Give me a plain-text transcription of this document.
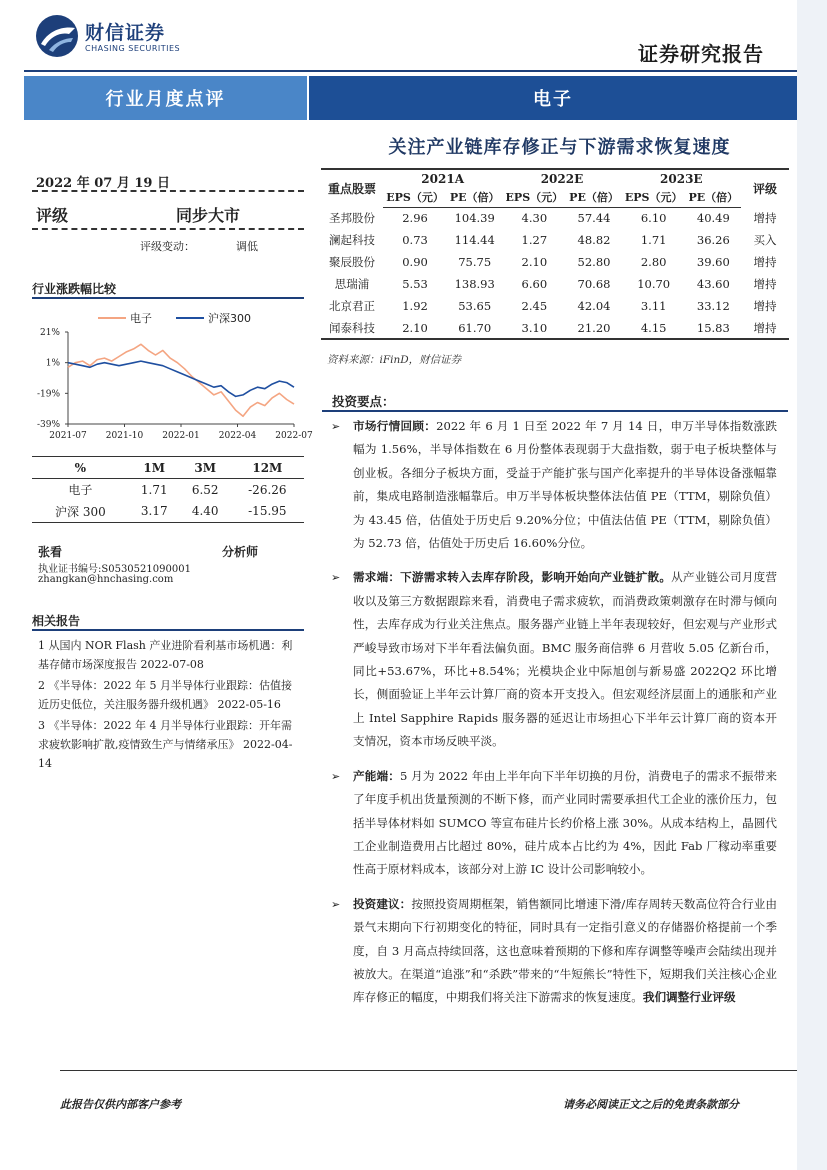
财信证券
CHASING SECURITIES	证券研究报告
行业月度点评	电子
关注产业链库存修正与下游需求恢复速度
2022 年 07 月 19 日
评级	同步大市
评级变动：	调低
行业涨跌幅比较
电子	沪深300
21%
1%
-19%
-39%
2021-07 2021-10 2022-01 2022-04 2022-07
%	1M	3M	12M
电子	1.71	6.52	-26.26
沪深 300	3.17	4.40	-15.95
张看	分析师
执业证书编号:S0530521090001
zhangkan@hnchasing.com
相关报告

1 从国内 NOR Flash 产业进阶看利基市场机遇：利基存储市场深度报告 2022-07-08

2 《半导体：2022 年 5 月半导体行业跟踪：估值接近历史低位，关注服务器升级机遇》 2022-05-16

3 《半导体：2022 年 4 月半导体行业跟踪：开年需求疲软影响扩散,疫情致生产与情绪承压》 2022-04-14

重点股票	2021A		2022E		2023E		评级
	EPS（元）	PE（倍）	EPS（元）	PE（倍）	EPS（元）	PE（倍）	
圣邦股份	2.96	104.39	4.30	57.44	6.10	40.49	增持
澜起科技	0.73	114.44	1.27	48.82	1.71	36.26	买入
聚辰股份	0.90	75.75	2.10	52.80	2.80	39.60	增持
思瑞浦	5.53	138.93	6.60	70.68	10.70	43.60	增持
北京君正	1.92	53.65	2.45	42.04	3.11	33.12	增持
闻泰科技	2.10	61.70	3.10	21.20	4.15	15.83	增持
资料来源：iFinD，财信证券
投资要点：
➢ 市场行情回顾：2022 年 6 月 1 日至 2022 年 7 月 14 日，申万半导体指数涨跌幅为 1.56%，半导体指数在 6 月份整体表现弱于大盘指数，弱于电子板块整体与创业板。各细分子板块方面，受益于产能扩张与国产化率提升的半导体设备涨幅靠前，集成电路制造涨幅靠后。申万半导体板块整体法估值 PE（TTM，剔除负值）为 43.45 倍，估值处于历史后 9.20%分位；中值法估值 PE（TTM，剔除负值）为 52.73 倍，估值处于历史后 16.60%分位。
➢ 需求端：下游需求转入去库存阶段，影响开始向产业链扩散。从产业链公司月度营收以及第三方数据跟踪来看，消费电子需求疲软，而消费政策刺激存在时滞与倾向性，去库存成为行业关注焦点。服务器产业链上半年表现较好，但宏观与产业形式严峻导致市场对下半年看法偏负面。BMC 服务商信骅 6 月营收 5.05 亿新台币，同比+53.67%，环比+8.54%；光模块企业中际旭创与新易盛 2022Q2 环比增长，侧面验证上半年云计算厂商的资本开支投入。但宏观经济层面上的通胀和产业上 Intel Sapphire Rapids 服务器的延迟让市场担心下半年云计算厂商的资本开支情况，资本市场反映平淡。
➢ 产能端：5 月为 2022 年由上半年向下半年切换的月份，消费电子的需求不振带来了年度手机出货量预测的不断下修，而产业同时需要承担代工企业的涨价压力，包括半导体材料如 SUMCO 等宣布硅片长约价格上涨 30%。从成本结构上，晶圆代工企业制造费用占比超过 80%，硅片成本占比约为 4%，因此 Fab 厂稼动率重要性高于原材料成本，该部分对上游 IC 设计公司影响较小。
➢ 投资建议：按照投资周期框架，销售额同比增速下滑/库存周转天数高位符合行业由景气末期向下行初期变化的特征，同时具有一定指引意义的存储器价格提前一个季度，自 3 月高点持续回落，这也意味着预期的下修和库存调整等噪声会陆续出现并被放大。在渠道“追涨”和“杀跌”带来的“牛短熊长”特性下，短期我们关注核心企业库存修正的幅度，中期我们将关注下游需求的恢复速度。我们调整行业评级
此报告仅供内部客户参考	请务必阅读正文之后的免责条款部分
